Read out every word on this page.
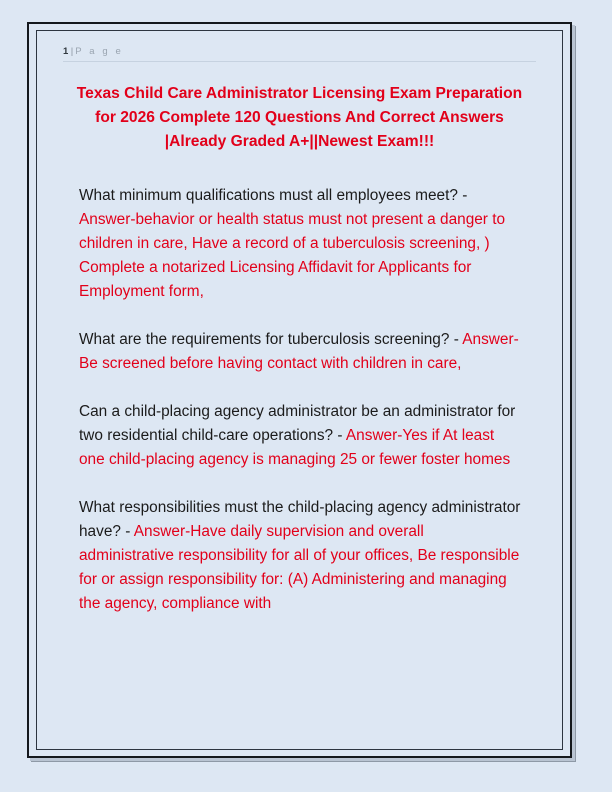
1 | P a g e
Texas Child Care Administrator Licensing Exam Preparation for 2026 Complete 120 Questions And Correct Answers |Already Graded A+||Newest Exam!!!
What minimum qualifications must all employees meet? - Answer-behavior or health status must not present a danger to children in care, Have a record of a tuberculosis screening, ) Complete a notarized Licensing Affidavit for Applicants for Employment form,
What are the requirements for tuberculosis screening? - Answer-Be screened before having contact with children in care,
Can a child-placing agency administrator be an administrator for two residential child-care operations? - Answer-Yes if At least one child-placing agency is managing 25 or fewer foster homes
What responsibilities must the child-placing agency administrator have? - Answer-Have daily supervision and overall administrative responsibility for all of your offices, Be responsible for or assign responsibility for: (A) Administering and managing the agency, compliance with
